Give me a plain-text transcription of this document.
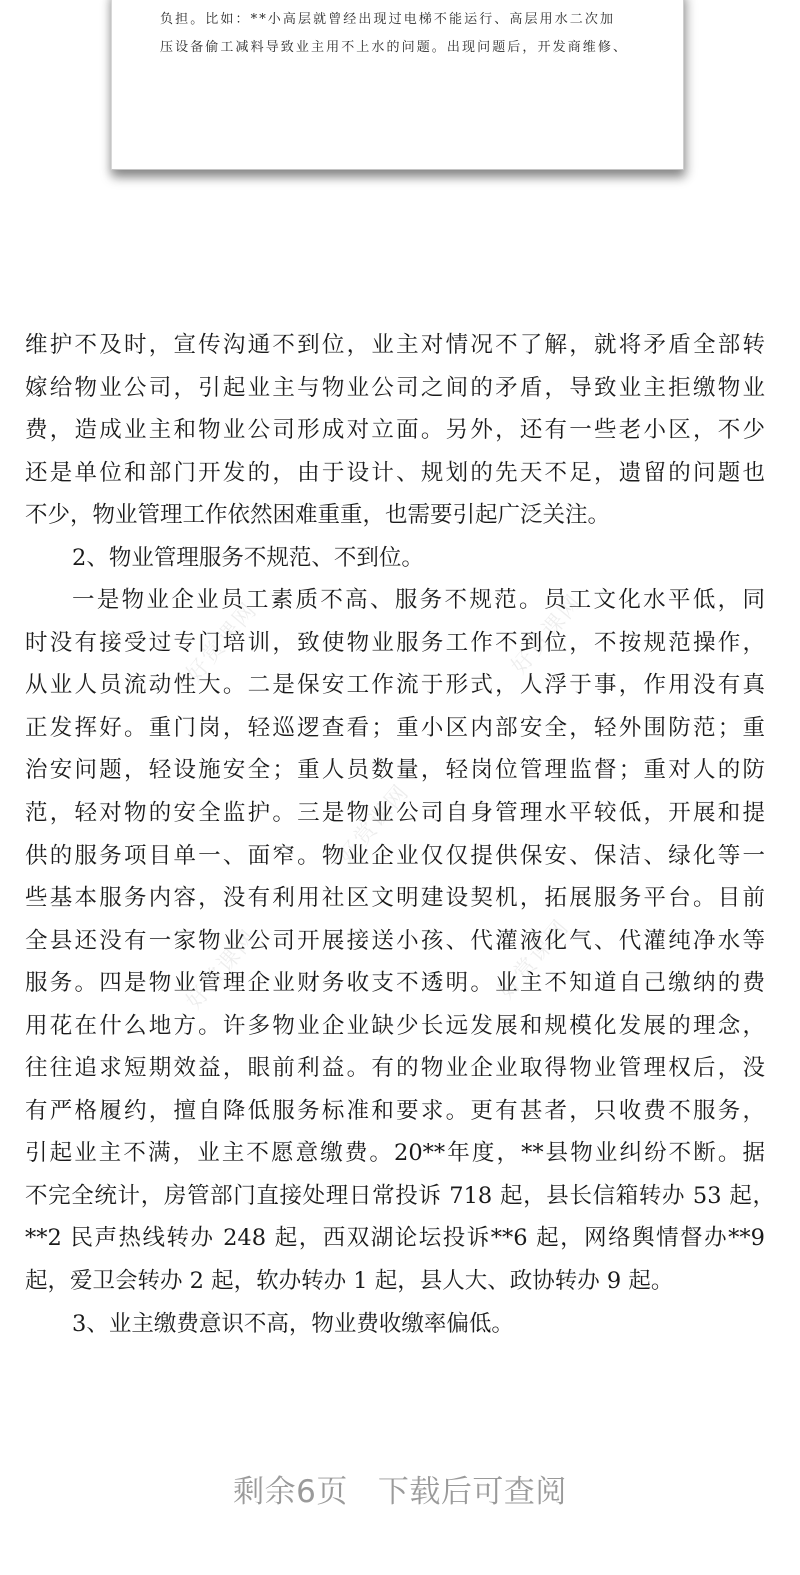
负担。比如：**小高层就曾经出现过电梯不能运行、高层用水二次加
压设备偷工减料导致业主用不上水的问题。出现问题后，开发商维修、
好赏课网	好赏课网
好赏课网
好赏课网	好赏课网
维护不及时，宣传沟通不到位，业主对情况不了解，就将矛盾全部转
嫁给物业公司，引起业主与物业公司之间的矛盾，导致业主拒缴物业
费，造成业主和物业公司形成对立面。另外，还有一些老小区，不少
还是单位和部门开发的，由于设计、规划的先天不足，遗留的问题也
不少，物业管理工作依然困难重重，也需要引起广泛关注。
2、物业管理服务不规范、不到位。
一是物业企业员工素质不高、服务不规范。员工文化水平低，同
时没有接受过专门培训，致使物业服务工作不到位，不按规范操作，
从业人员流动性大。二是保安工作流于形式，人浮于事，作用没有真
正发挥好。重门岗，轻巡逻查看；重小区内部安全，轻外围防范；重
治安问题，轻设施安全；重人员数量，轻岗位管理监督；重对人的防
范，轻对物的安全监护。三是物业公司自身管理水平较低，开展和提
供的服务项目单一、面窄。物业企业仅仅提供保安、保洁、绿化等一
些基本服务内容，没有利用社区文明建设契机，拓展服务平台。目前
全县还没有一家物业公司开展接送小孩、代灌液化气、代灌纯净水等
服务。四是物业管理企业财务收支不透明。业主不知道自己缴纳的费
用花在什么地方。许多物业企业缺少长远发展和规模化发展的理念，
往往追求短期效益，眼前利益。有的物业企业取得物业管理权后，没
有严格履约，擅自降低服务标准和要求。更有甚者，只收费不服务，
引起业主不满，业主不愿意缴费。20**年度，**县物业纠纷不断。据
不完全统计，房管部门直接处理日常投诉 718 起，县长信箱转办 53 起，
**2 民声热线转办 248 起，西双湖论坛投诉**6 起，网络舆情督办**9
起，爱卫会转办 2 起，软办转办 1 起，县人大、政协转办 9 起。
3、业主缴费意识不高，物业费收缴率偏低。
剩余6页 下载后可查阅
